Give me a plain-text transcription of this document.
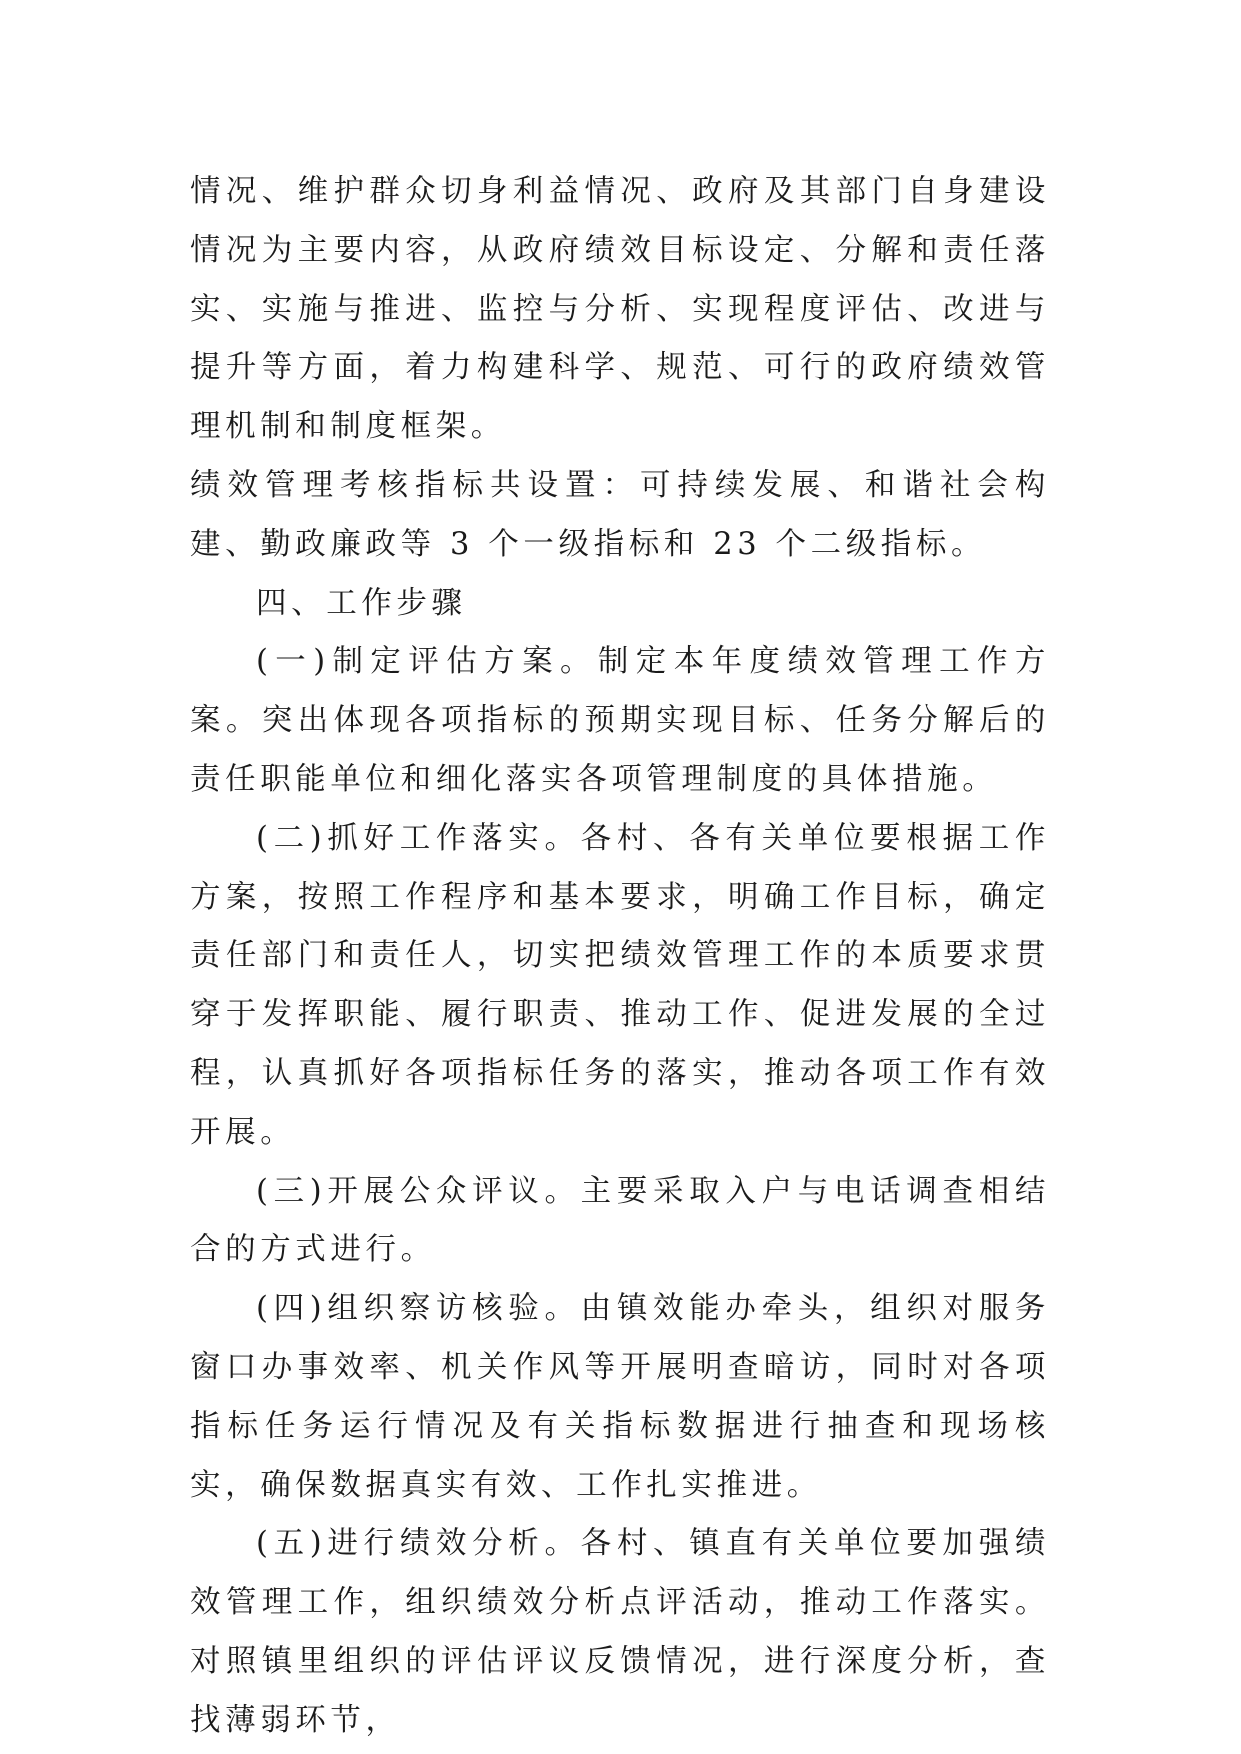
情况、维护群众切身利益情况、政府及其部门自身建设情况为主要内容，从政府绩效目标设定、分解和责任落实、实施与推进、监控与分析、实现程度评估、改进与提升等方面，着力构建科学、规范、可行的政府绩效管理机制和制度框架。

绩效管理考核指标共设置：可持续发展、和谐社会构建、勤政廉政等 3 个一级指标和 23 个二级指标。

四、工作步骤

(一)制定评估方案。制定本年度绩效管理工作方案。突出体现各项指标的预期实现目标、任务分解后的责任职能单位和细化落实各项管理制度的具体措施。

(二)抓好工作落实。各村、各有关单位要根据工作方案，按照工作程序和基本要求，明确工作目标，确定责任部门和责任人，切实把绩效管理工作的本质要求贯穿于发挥职能、履行职责、推动工作、促进发展的全过程，认真抓好各项指标任务的落实，推动各项工作有效开展。

(三)开展公众评议。主要采取入户与电话调查相结合的方式进行。

(四)组织察访核验。由镇效能办牵头，组织对服务窗口办事效率、机关作风等开展明查暗访，同时对各项指标任务运行情况及有关指标数据进行抽查和现场核实，确保数据真实有效、工作扎实推进。

(五)进行绩效分析。各村、镇直有关单位要加强绩效管理工作，组织绩效分析点评活动，推动工作落实。对照镇里组织的评估评议反馈情况，进行深度分析，查找薄弱环节，
